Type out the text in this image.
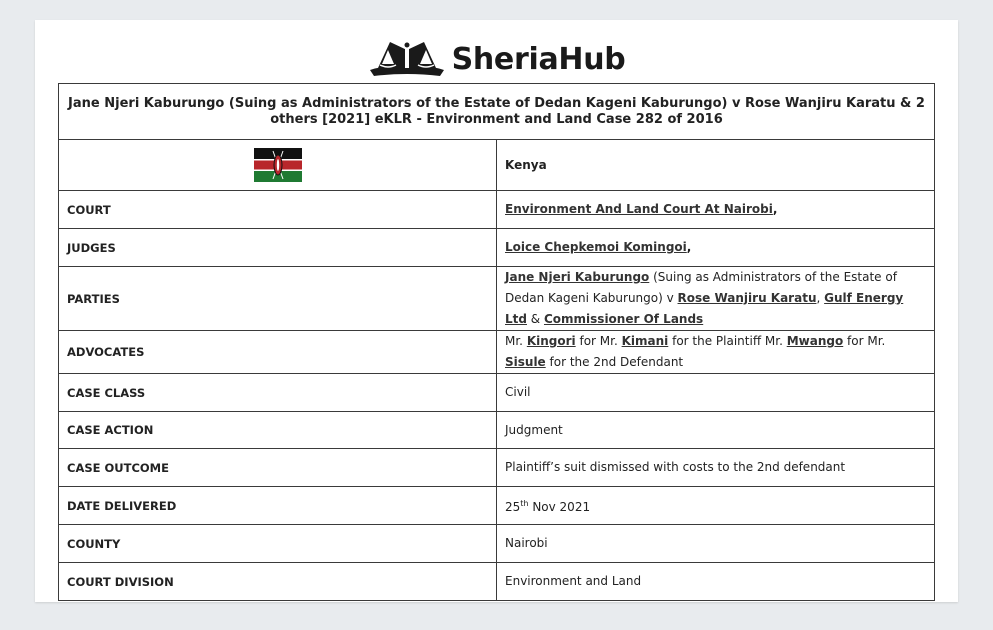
SheriaHub
Jane Njeri Kaburungo (Suing as Administrators of the Estate of Dedan Kageni Kaburungo) v Rose Wanjiru Karatu & 2 others [2021] eKLR - Environment and Land Case 282 of 2016	
	Kenya
COURT	Environment And Land Court At Nairobi,
JUDGES	Loice Chepkemoi Komingoi,
PARTIES	Jane Njeri Kaburungo (Suing as Administrators of the Estate of Dedan Kageni Kaburungo) v Rose Wanjiru Karatu, Gulf Energy Ltd & Commissioner Of Lands
ADVOCATES	Mr. Kingori for Mr. Kimani for the Plaintiff Mr. Mwango for Mr. Sisule for the 2nd Defendant
CASE CLASS	Civil
CASE ACTION	Judgment
CASE OUTCOME	Plaintiff’s suit dismissed with costs to the 2nd defendant
DATE DELIVERED	25th Nov 2021
COUNTY	Nairobi
COURT DIVISION	Environment and Land
